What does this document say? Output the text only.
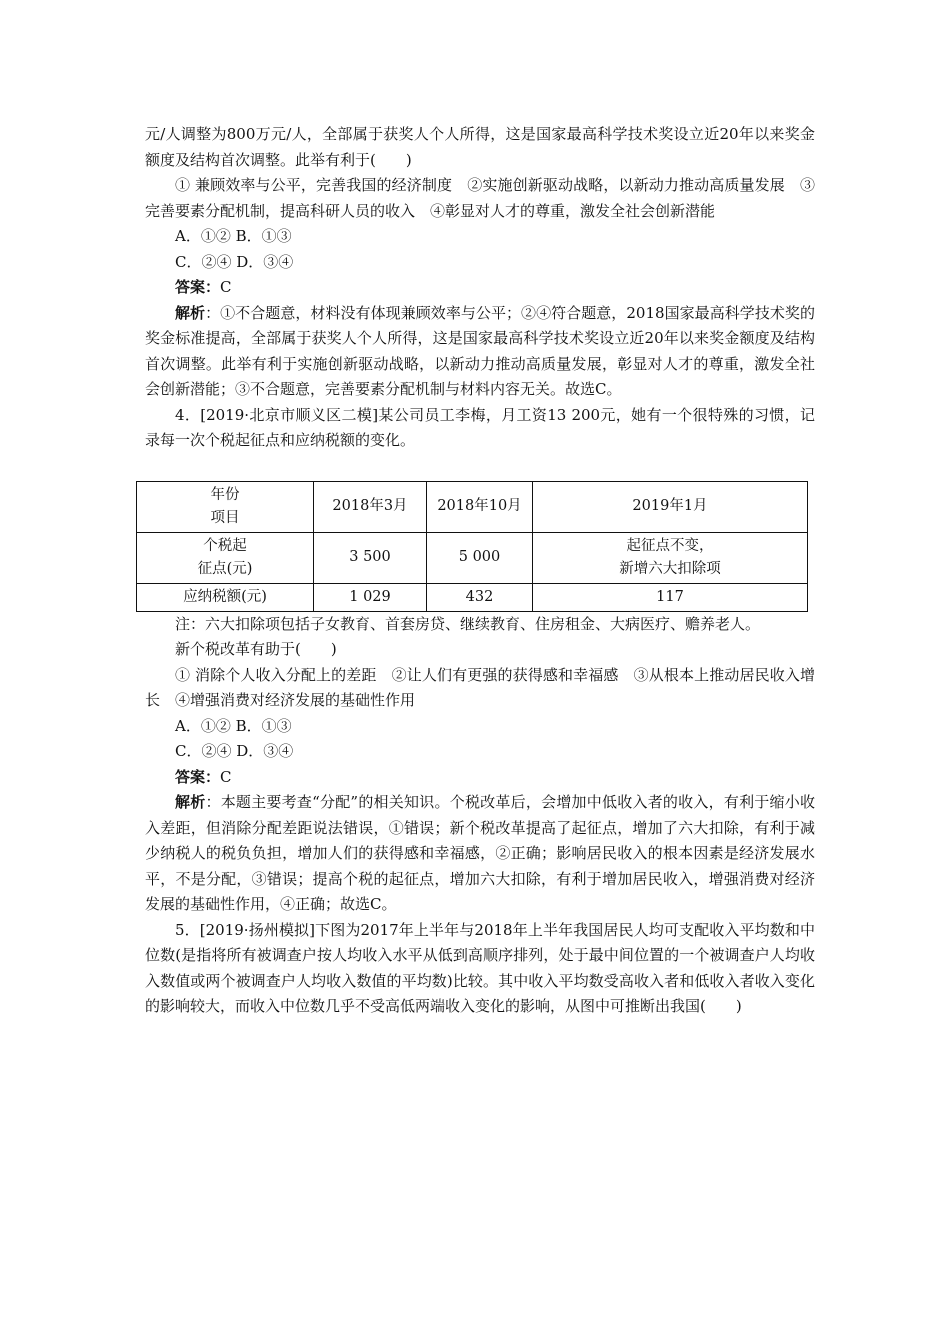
元/人调整为800万元/人，全部属于获奖人个人所得，这是国家最高科学技术奖设立近20年以来奖金额度及结构首次调整。此举有利于(　　)

① 兼顾效率与公平，完善我国的经济制度　②实施创新驱动战略，以新动力推动高质量发展　③完善要素分配机制，提高科研人员的收入　④彰显对人才的尊重，激发全社会创新潜能

A．①② B．①③

C．②④ D．③④

答案：C

解析：①不合题意，材料没有体现兼顾效率与公平；②④符合题意，2018国家最高科学技术奖的奖金标准提高，全部属于获奖人个人所得，这是国家最高科学技术奖设立近20年以来奖金额度及结构首次调整。此举有利于实施创新驱动战略，以新动力推动高质量发展，彰显对人才的尊重，激发全社会创新潜能；③不合题意，完善要素分配机制与材料内容无关。故选C。

4．[2019·北京市顺义区二模]某公司员工李梅，月工资13 200元，她有一个很特殊的习惯，记录每一次个税起征点和应纳税额的变化。

年份
项目	2018年3月	2018年10月	2019年1月

个税起
征点(元)	3 500	5 000	起征点不变，
新增六大扣除项

应纳税额(元)	1 029	432	117

注：六大扣除项包括子女教育、首套房贷、继续教育、住房租金、大病医疗、赡养老人。

新个税改革有助于(　　)

① 消除个人收入分配上的差距　②让人们有更强的获得感和幸福感　③从根本上推动居民收入增长　④增强消费对经济发展的基础性作用

A．①② B．①③

C．②④ D．③④

答案：C

解析：本题主要考查“分配”的相关知识。个税改革后，会增加中低收入者的收入，有利于缩小收入差距，但消除分配差距说法错误，①错误；新个税改革提高了起征点，增加了六大扣除，有利于减少纳税人的税负负担，增加人们的获得感和幸福感，②正确；影响居民收入的根本因素是经济发展水平，不是分配，③错误；提高个税的起征点，增加六大扣除，有利于增加居民收入，增强消费对经济发展的基础性作用，④正确；故选C。

5．[2019·扬州模拟]下图为2017年上半年与2018年上半年我国居民人均可支配收入平均数和中位数(是指将所有被调查户按人均收入水平从低到高顺序排列，处于最中间位置的一个被调查户人均收入数值或两个被调查户人均收入数值的平均数)比较。其中收入平均数受高收入者和低收入者收入变化的影响较大，而收入中位数几乎不受高低两端收入变化的影响，从图中可推断出我国(　　)
